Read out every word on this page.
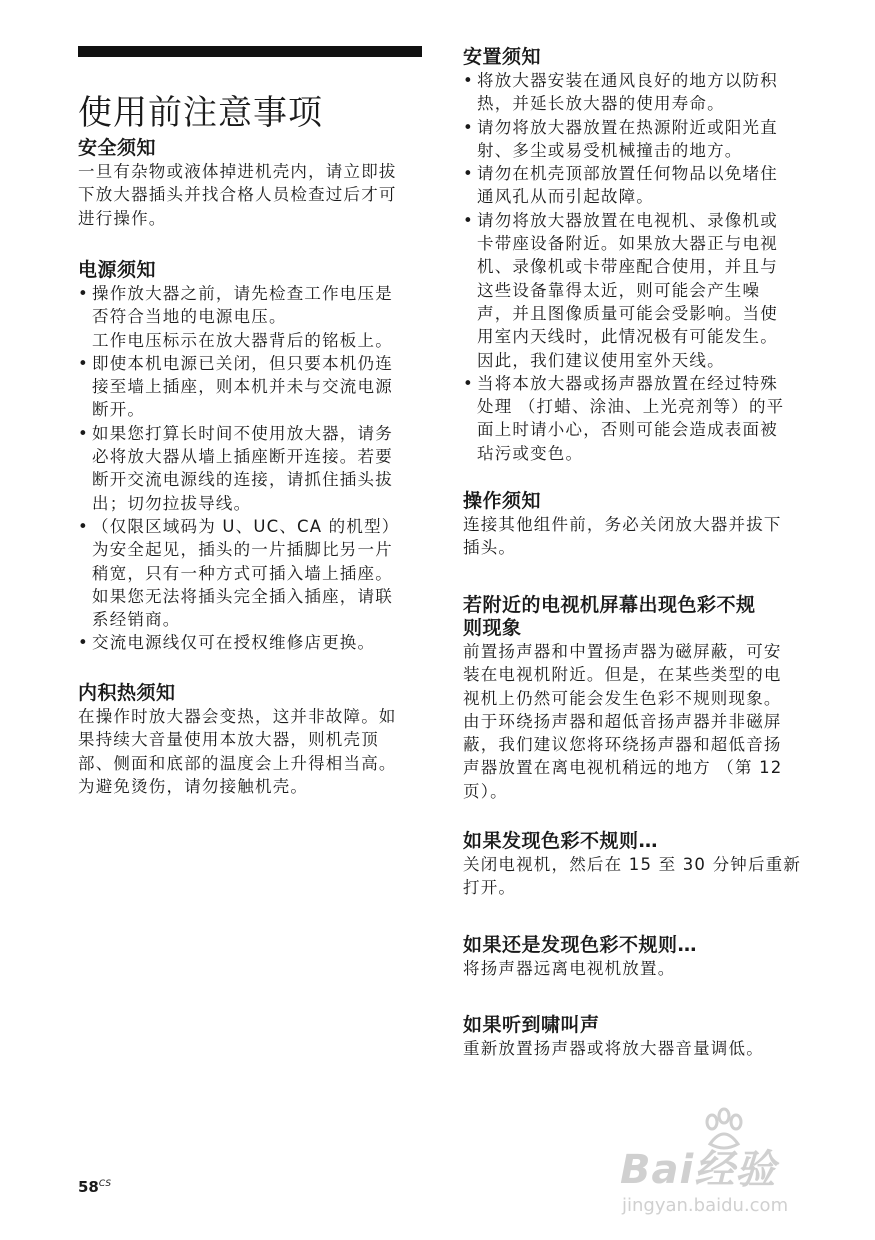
使用前注意事项
安全须知
一旦有杂物或液体掉进机壳内，请立即拔
下放大器插头并找合格人员检查过后才可
进行操作。
电源须知
• 操作放大器之前，请先检查工作电压是
否符合当地的电源电压。
工作电压标示在放大器背后的铭板上。
• 即使本机电源已关闭，但只要本机仍连
接至墙上插座，则本机并未与交流电源
断开。
• 如果您打算长时间不使用放大器，请务
必将放大器从墙上插座断开连接。若要
断开交流电源线的连接，请抓住插头拔
出；切勿拉拔导线。
• （仅限区域码为 U、UC、CA 的机型）
为安全起见，插头的一片插脚比另一片
稍宽，只有一种方式可插入墙上插座。
如果您无法将插头完全插入插座，请联
系经销商。
• 交流电源线仅可在授权维修店更换。
内积热须知
在操作时放大器会变热，这并非故障。如
果持续大音量使用本放大器，则机壳顶
部、侧面和底部的温度会上升得相当高。
为避免烫伤，请勿接触机壳。
安置须知
• 将放大器安装在通风良好的地方以防积
热，并延长放大器的使用寿命。
• 请勿将放大器放置在热源附近或阳光直
射、多尘或易受机械撞击的地方。
• 请勿在机壳顶部放置任何物品以免堵住
通风孔从而引起故障。
• 请勿将放大器放置在电视机、录像机或
卡带座设备附近。如果放大器正与电视
机、录像机或卡带座配合使用，并且与
这些设备靠得太近，则可能会产生噪
声，并且图像质量可能会受影响。当使
用室内天线时，此情况极有可能发生。
因此，我们建议使用室外天线。
• 当将本放大器或扬声器放置在经过特殊
处理 （打蜡、涂油、上光亮剂等）的平
面上时请小心，否则可能会造成表面被
玷污或变色。
操作须知
连接其他组件前，务必关闭放大器并拔下
插头。
若附近的电视机屏幕出现色彩不规
则现象
前置扬声器和中置扬声器为磁屏蔽，可安
装在电视机附近。但是，在某些类型的电
视机上仍然可能会发生色彩不规则现象。
由于环绕扬声器和超低音扬声器并非磁屏
蔽，我们建议您将环绕扬声器和超低音扬
声器放置在离电视机稍远的地方 （第 12
页）。
如果发现色彩不规则…
关闭电视机，然后在 15 至 30 分钟后重新
打开。
如果还是发现色彩不规则…
将扬声器远离电视机放置。
如果听到啸叫声
重新放置扬声器或将放大器音量调低。
$58^{CS}$	Bai经验
jingyan.baidu.com
